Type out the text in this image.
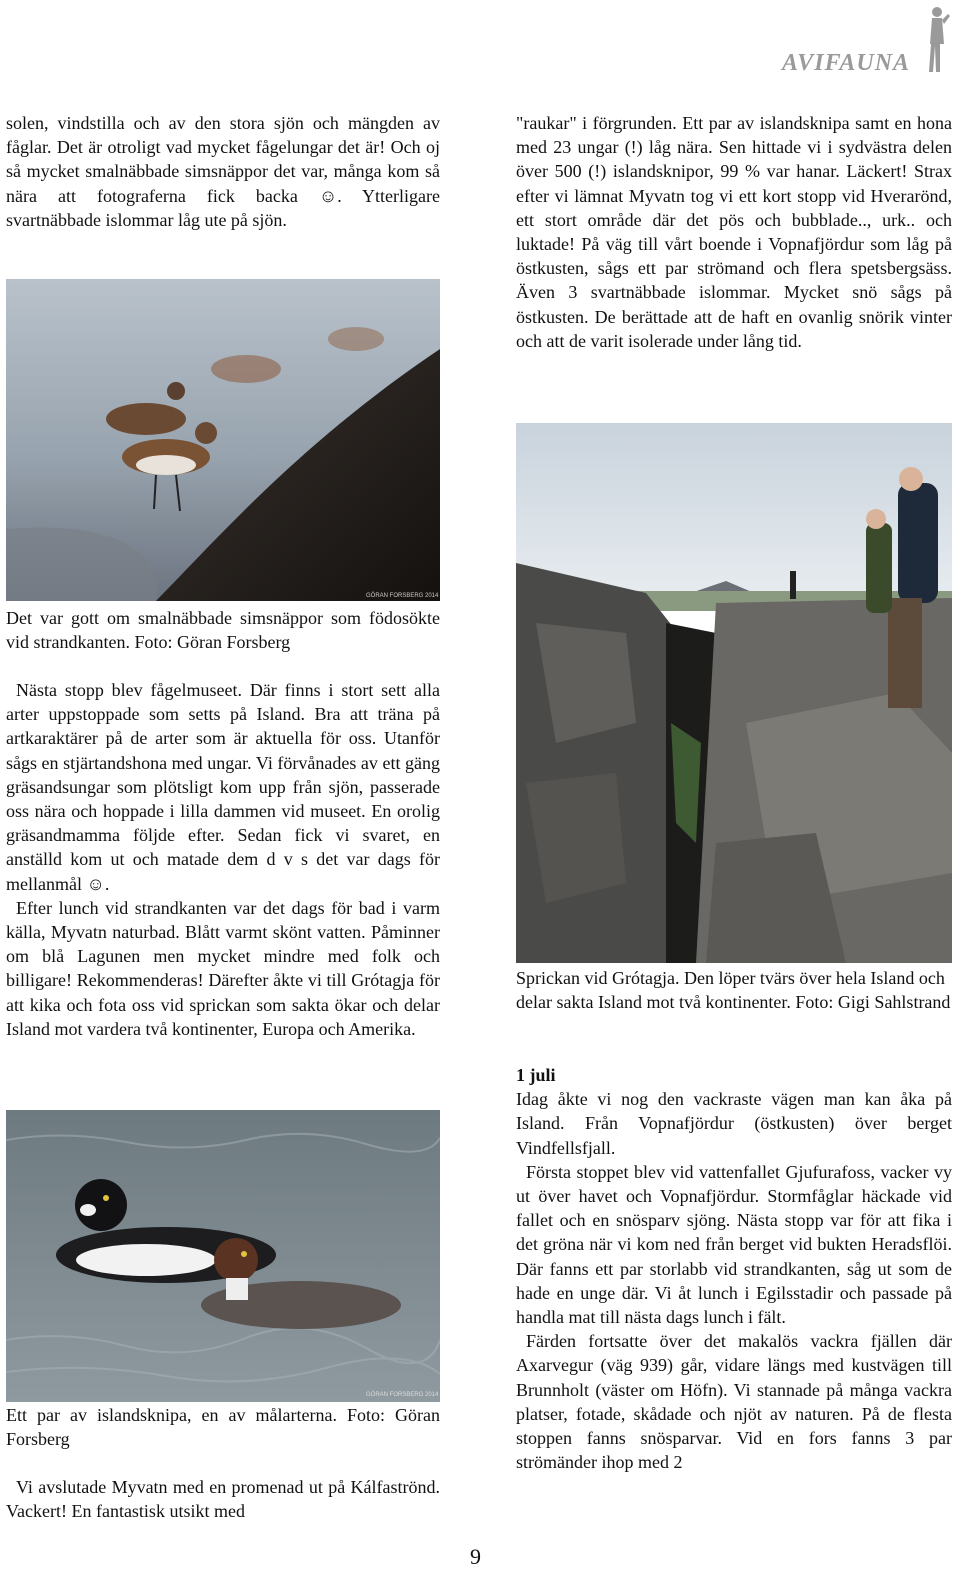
AVIFAUNA

solen, vindstilla och av den stora sjön och mängden av fåglar. Det är otroligt vad mycket fågelungar det är! Och oj så mycket smalnäbbade simsnäppor det var, många kom så nära att fotograferna fick backa ☺. Ytterligare svartnäbbade islommar låg ute på sjön.

GÖRAN FORSBERG 2014

Det var gott om smalnäbbade simsnäppor som födosökte vid strandkanten. Foto: Göran Forsberg

Nästa stopp blev fågelmuseet. Där finns i stort sett alla arter uppstoppade som setts på Island. Bra att träna på artkaraktärer på de arter som är aktuella för oss. Utanför sågs en stjärtandshona med ungar. Vi förvånades av ett gäng gräsandsungar som plötsligt kom upp från sjön, passerade oss nära och hoppade i lilla dammen vid museet. En orolig gräsandmamma följde efter. Sedan fick vi svaret, en anställd kom ut och matade dem d v s det var dags för mellanmål ☺.

Efter lunch vid strandkanten var det dags för bad i varm källa, Myvatn naturbad. Blått varmt skönt vatten. Påminner om blå Lagunen men mycket mindre med folk och billigare! Rekommenderas! Därefter åkte vi till Grótagja för att kika och fota oss vid sprickan som sakta ökar och delar Island mot vardera två kontinenter, Europa och Amerika.

GÖRAN FORSBERG 2014

Ett par av islandsknipa, en av målarterna. Foto: Göran Forsberg

Vi avslutade Myvatn med en promenad ut på Kálfaströnd. Vackert! En fantastisk utsikt med

"raukar" i förgrunden. Ett par av islandsknipa samt en hona med 23 ungar (!) låg nära. Sen hittade vi i sydvästra delen över 500 (!) islandsknipor, 99 % var hanar. Läckert! Strax efter vi lämnat Myvatn tog vi ett kort stopp vid Hverarönd, ett stort område där det pös och bubblade.., urk.. och luktade! På väg till vårt boende i Vopnafjördur som låg på östkusten, sågs ett par strömand och flera spetsbergsäss. Även 3 svartnäbbade islommar. Mycket snö sågs på östkusten. De berättade att de haft en ovanlig snörik vinter och att de varit isolerade under lång tid.

Sprickan vid Grótagja. Den löper tvärs över hela Island och delar sakta Island mot två kontinenter. Foto: Gigi Sahlstrand

1 juli

Idag åkte vi nog den vackraste vägen man kan åka på Island. Från Vopnafjördur (östkusten) över berget Vindfellsfjall.

Första stoppet blev vid vattenfallet Gjufurafoss, vacker vy ut över havet och Vopnafjördur. Stormfåglar häckade vid fallet och en snösparv sjöng. Nästa stopp var för att fika i det gröna när vi kom ned från berget vid bukten Heradsflöi. Där fanns ett par storlabb vid strandkanten, såg ut som de hade en unge där. Vi åt lunch i Egilsstadir och passade på handla mat till nästa dags lunch i fält.

Färden fortsatte över det makalös vackra fjällen där Axarvegur (väg 939) går, vidare längs med kustvägen till Brunnholt (väster om Höfn). Vi stannade på många vackra platser, fotade, skådade och njöt av naturen. På de flesta stoppen fanns snösparvar. Vid en fors fanns 3 par strömänder ihop med 2

9
